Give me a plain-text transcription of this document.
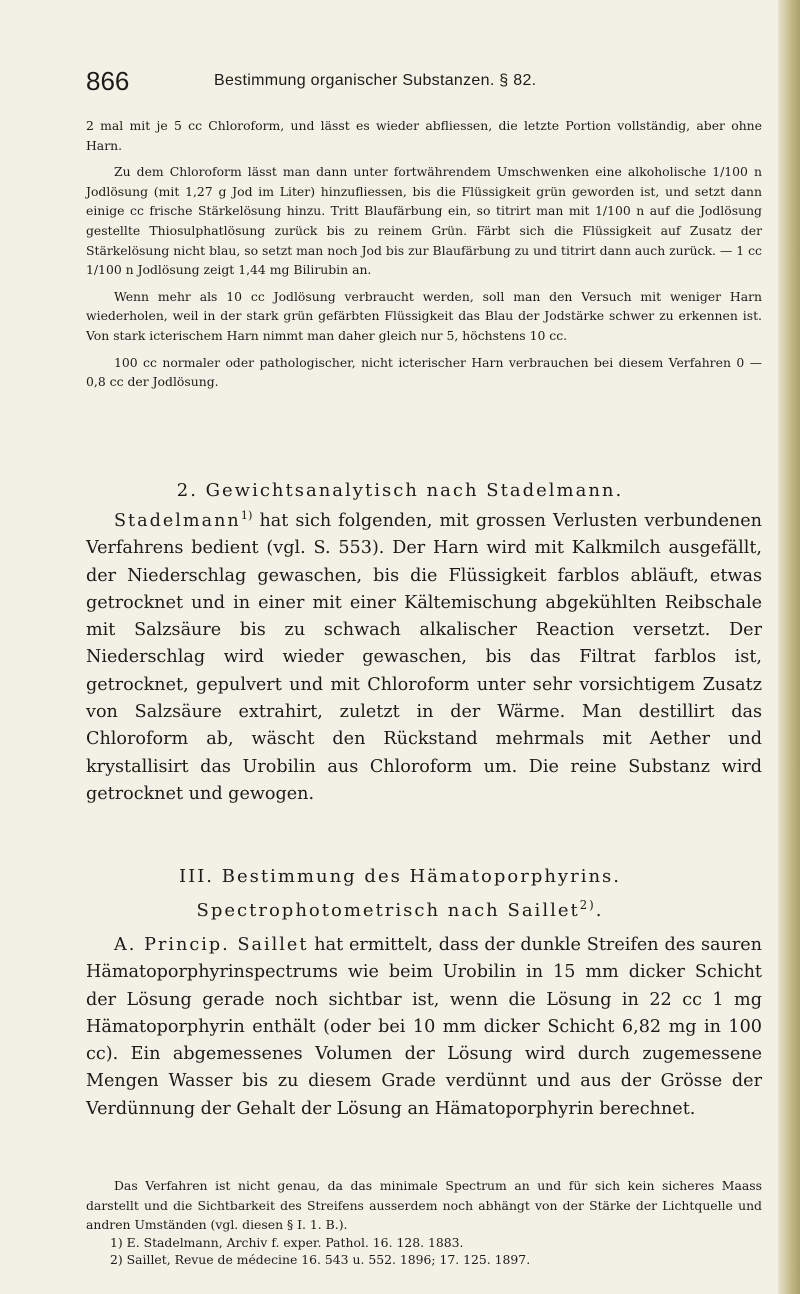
866	Bestimmung organischer Substanzen. § 82.

2 mal mit je 5 cc Chloroform, und lässt es wieder abfliessen, die letzte Portion vollständig, aber ohne Harn.

Zu dem Chloroform lässt man dann unter fortwährendem Umschwenken eine alkoholische 1/100 n Jodlösung (mit 1,27 g Jod im Liter) hinzufliessen, bis die Flüssigkeit grün geworden ist, und setzt dann einige cc frische Stärkelösung hinzu. Tritt Blaufärbung ein, so titrirt man mit 1/100 n auf die Jodlösung gestellte Thiosulphatlösung zurück bis zu reinem Grün. Färbt sich die Flüssigkeit auf Zusatz der Stärkelösung nicht blau, so setzt man noch Jod bis zur Blaufärbung zu und titrirt dann auch zurück. — 1 cc 1/100 n Jodlösung zeigt 1,44 mg Bilirubin an.

Wenn mehr als 10 cc Jodlösung verbraucht werden, soll man den Versuch mit weniger Harn wiederholen, weil in der stark grün gefärbten Flüssigkeit das Blau der Jodstärke schwer zu erkennen ist. Von stark icterischem Harn nimmt man daher gleich nur 5, höchstens 10 cc.

100 cc normaler oder pathologischer, nicht icterischer Harn verbrauchen bei diesem Verfahren 0 — 0,8 cc der Jodlösung.

2. Gewichtsanalytisch nach Stadelmann.

Stadelmann$^{1)}$ hat sich folgenden, mit grossen Verlusten verbundenen Verfahrens bedient (vgl. S. 553). Der Harn wird mit Kalkmilch ausgefällt, der Niederschlag gewaschen, bis die Flüssigkeit farblos abläuft, etwas getrocknet und in einer mit einer Kältemischung abgekühlten Reibschale mit Salzsäure bis zu schwach alkalischer Reaction versetzt. Der Niederschlag wird wieder gewaschen, bis das Filtrat farblos ist, getrocknet, gepulvert und mit Chloroform unter sehr vorsichtigem Zusatz von Salzsäure extrahirt, zuletzt in der Wärme. Man destillirt das Chloroform ab, wäscht den Rückstand mehrmals mit Aether und krystallisirt das Urobilin aus Chloroform um. Die reine Substanz wird getrocknet und gewogen.

III. Bestimmung des Hämatoporphyrins.
Spectrophotometrisch nach Saillet$^{2)}$.

A. Princip. Saillet hat ermittelt, dass der dunkle Streifen des sauren Hämatoporphyrinspectrums wie beim Urobilin in 15 mm dicker Schicht der Lösung gerade noch sichtbar ist, wenn die Lösung in 22 cc 1 mg Hämatoporphyrin enthält (oder bei 10 mm dicker Schicht 6,82 mg in 100 cc). Ein abgemessenes Volumen der Lösung wird durch zugemessene Mengen Wasser bis zu diesem Grade verdünnt und aus der Grösse der Verdünnung der Gehalt der Lösung an Hämatoporphyrin berechnet.

Das Verfahren ist nicht genau, da das minimale Spectrum an und für sich kein sicheres Maass darstellt und die Sichtbarkeit des Streifens ausserdem noch abhängt von der Stärke der Lichtquelle und andren Umständen (vgl. diesen § I. 1. B.).

1) E. Stadelmann, Archiv f. exper. Pathol. 16. 128. 1883.

2) Saillet, Revue de médecine 16. 543 u. 552. 1896; 17. 125. 1897.
